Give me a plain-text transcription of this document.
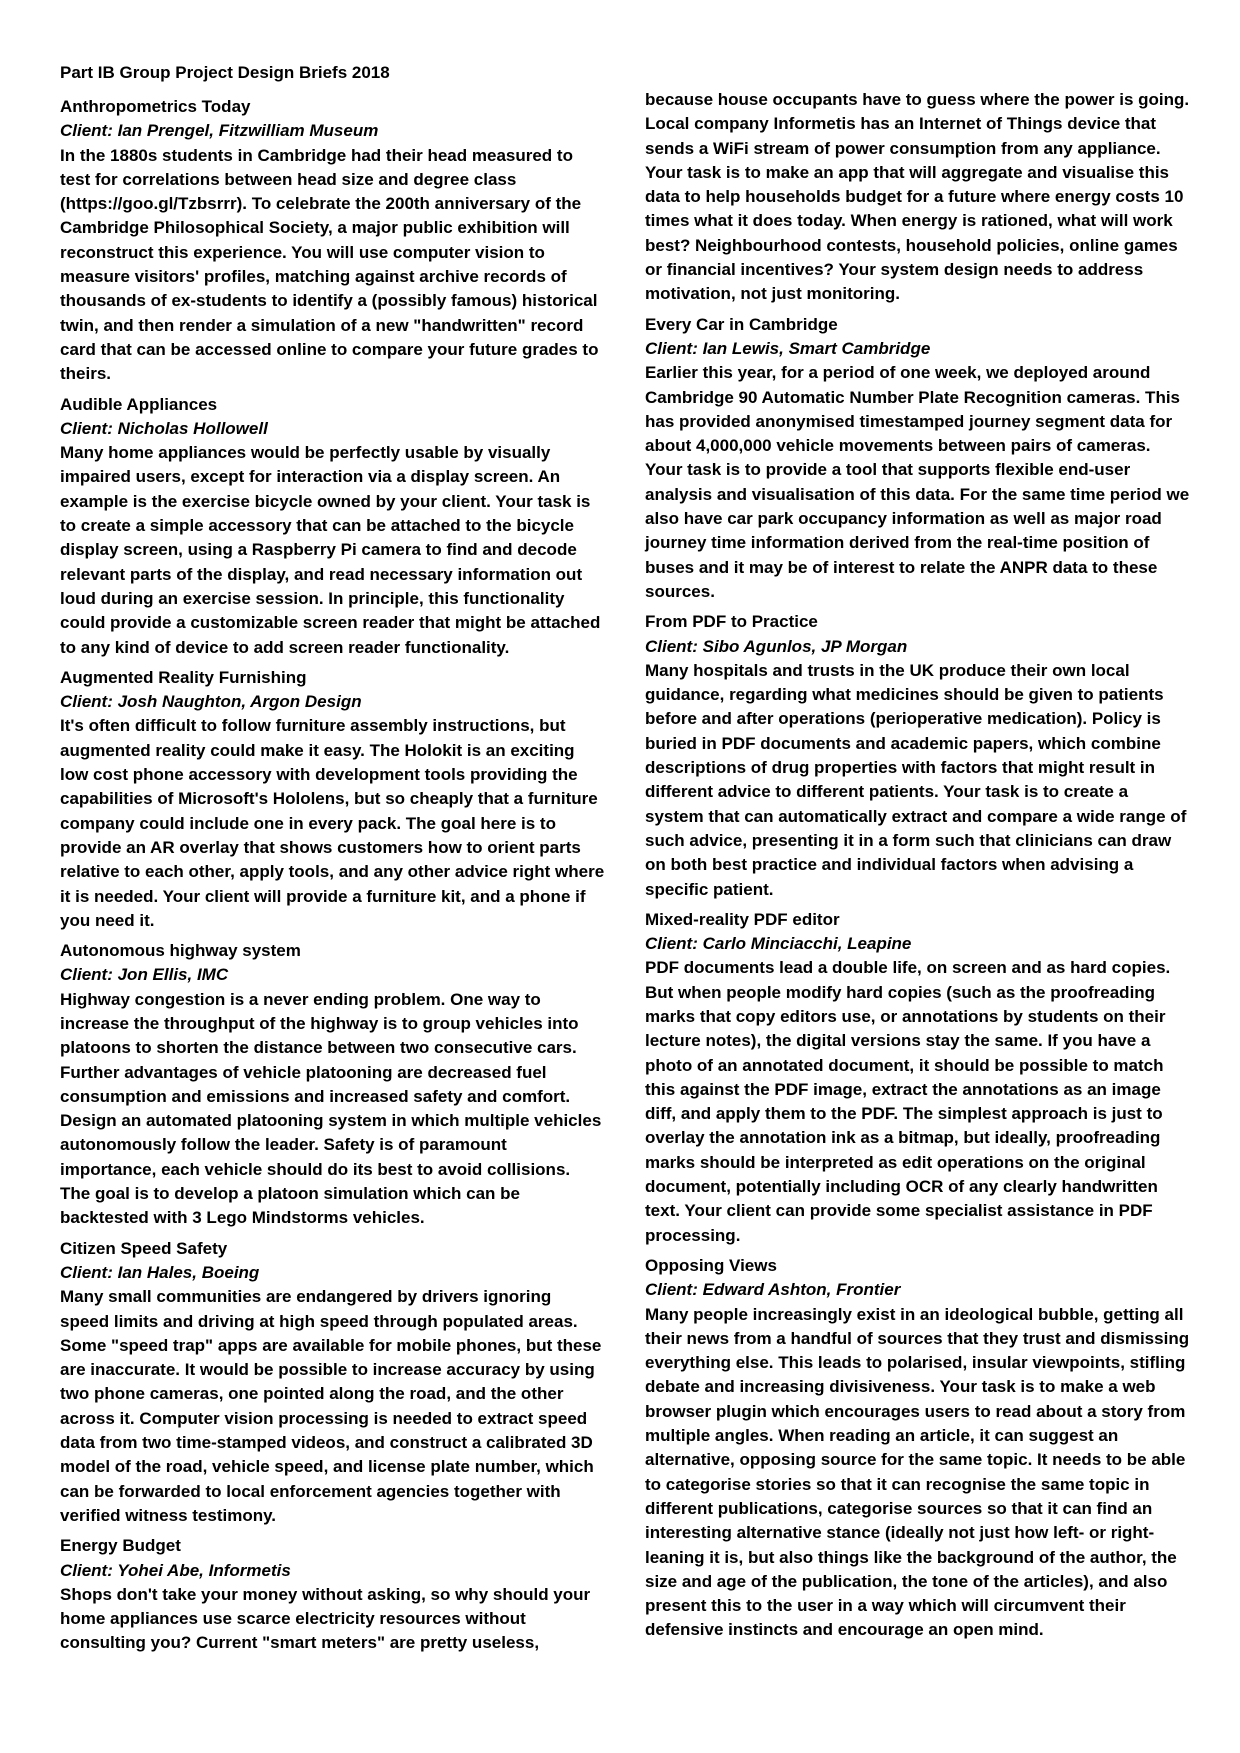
Part IB Group Project Design Briefs 2018
Anthropometrics Today

Client: Ian Prengel, Fitzwilliam Museum

In the 1880s students in Cambridge had their head measured to test for correlations between head size and degree class (https://goo.gl/Tzbsrrr). To celebrate the 200th anniversary of the Cambridge Philosophical Society, a major public exhibition will reconstruct this experience. You will use computer vision to measure visitors' profiles, matching against archive records of thousands of ex-students to identify a (possibly famous) historical twin, and then render a simulation of a new "handwritten" record card that can be accessed online to compare your future grades to theirs.

Audible Appliances

Client: Nicholas Hollowell

Many home appliances would be perfectly usable by visually impaired users, except for interaction via a display screen. An example is the exercise bicycle owned by your client. Your task is to create a simple accessory that can be attached to the bicycle display screen, using a Raspberry Pi camera to find and decode relevant parts of the display, and read necessary information out loud during an exercise session. In principle, this functionality could provide a customizable screen reader that might be attached to any kind of device to add screen reader functionality.

Augmented Reality Furnishing

Client: Josh Naughton, Argon Design

It's often difficult to follow furniture assembly instructions, but augmented reality could make it easy. The Holokit is an exciting low cost phone accessory with development tools providing the capabilities of Microsoft's Hololens, but so cheaply that a furniture company could include one in every pack. The goal here is to provide an AR overlay that shows customers how to orient parts relative to each other, apply tools, and any other advice right where it is needed. Your client will provide a furniture kit, and a phone if you need it.

Autonomous highway system

Client: Jon Ellis, IMC

Highway congestion is a never ending problem. One way to increase the throughput of the highway is to group vehicles into platoons to shorten the distance between two consecutive cars. Further advantages of vehicle platooning are decreased fuel consumption and emissions and increased safety and comfort. Design an automated platooning system in which multiple vehicles autonomously follow the leader. Safety is of paramount importance, each vehicle should do its best to avoid collisions. The goal is to develop a platoon simulation which can be backtested with 3 Lego Mindstorms vehicles.

Citizen Speed Safety

Client: Ian Hales, Boeing

Many small communities are endangered by drivers ignoring speed limits and driving at high speed through populated areas. Some "speed trap" apps are available for mobile phones, but these are inaccurate. It would be possible to increase accuracy by using two phone cameras, one pointed along the road, and the other across it. Computer vision processing is needed to extract speed data from two time-stamped videos, and construct a calibrated 3D model of the road, vehicle speed, and license plate number, which can be forwarded to local enforcement agencies together with verified witness testimony.

Energy Budget

Client: Yohei Abe, Informetis

Shops don't take your money without asking, so why should your home appliances use scarce electricity resources without consulting you? Current "smart meters" are pretty useless,

because house occupants have to guess where the power is going. Local company Informetis has an Internet of Things device that sends a WiFi stream of power consumption from any appliance. Your task is to make an app that will aggregate and visualise this data to help households budget for a future where energy costs 10 times what it does today. When energy is rationed, what will work best? Neighbourhood contests, household policies, online games or financial incentives? Your system design needs to address motivation, not just monitoring.

Every Car in Cambridge

Client: Ian Lewis, Smart Cambridge

Earlier this year, for a period of one week, we deployed around Cambridge 90 Automatic Number Plate Recognition cameras. This has provided anonymised timestamped journey segment data for about 4,000,000 vehicle movements between pairs of cameras. Your task is to provide a tool that supports flexible end-user analysis and visualisation of this data. For the same time period we also have car park occupancy information as well as major road journey time information derived from the real-time position of buses and it may be of interest to relate the ANPR data to these sources.

From PDF to Practice

Client: Sibo Agunlos, JP Morgan

Many hospitals and trusts in the UK produce their own local guidance, regarding what medicines should be given to patients before and after operations (perioperative medication). Policy is buried in PDF documents and academic papers, which combine descriptions of drug properties with factors that might result in different advice to different patients. Your task is to create a system that can automatically extract and compare a wide range of such advice, presenting it in a form such that clinicians can draw on both best practice and individual factors when advising a specific patient.

Mixed-reality PDF editor

Client: Carlo Minciacchi, Leapine

PDF documents lead a double life, on screen and as hard copies. But when people modify hard copies (such as the proofreading marks that copy editors use, or annotations by students on their lecture notes), the digital versions stay the same. If you have a photo of an annotated document, it should be possible to match this against the PDF image, extract the annotations as an image diff, and apply them to the PDF. The simplest approach is just to overlay the annotation ink as a bitmap, but ideally, proofreading marks should be interpreted as edit operations on the original document, potentially including OCR of any clearly handwritten text. Your client can provide some specialist assistance in PDF processing.

Opposing Views

Client: Edward Ashton, Frontier

Many people increasingly exist in an ideological bubble, getting all their news from a handful of sources that they trust and dismissing everything else. This leads to polarised, insular viewpoints, stifling debate and increasing divisiveness. Your task is to make a web browser plugin which encourages users to read about a story from multiple angles. When reading an article, it can suggest an alternative, opposing source for the same topic. It needs to be able to categorise stories so that it can recognise the same topic in different publications, categorise sources so that it can find an interesting alternative stance (ideally not just how left- or right-leaning it is, but also things like the background of the author, the size and age of the publication, the tone of the articles), and also present this to the user in a way which will circumvent their defensive instincts and encourage an open mind.
